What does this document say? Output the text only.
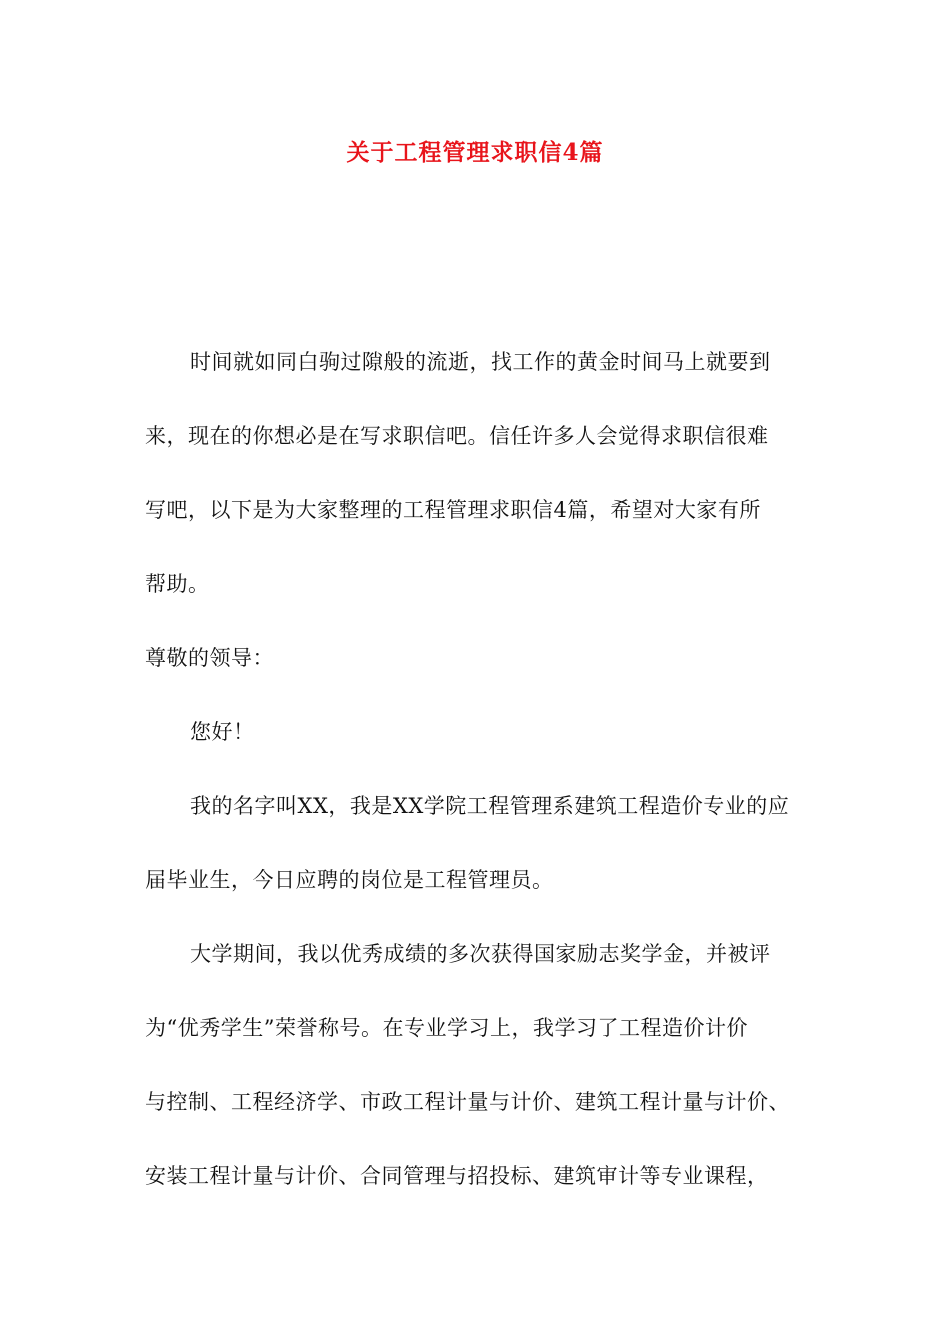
关于工程管理求职信4篇

时间就如同白驹过隙般的流逝，找工作的黄金时间马上就要到
来，现在的你想必是在写求职信吧。信任许多人会觉得求职信很难
写吧，以下是为大家整理的工程管理求职信4篇，希望对大家有所
帮助。

尊敬的领导：

您好！

我的名字叫XX，我是XX学院工程管理系建筑工程造价专业的应
届毕业生，今日应聘的岗位是工程管理员。

大学期间，我以优秀成绩的多次获得国家励志奖学金，并被评
为“优秀学生”荣誉称号。在专业学习上，我学习了工程造价计价
与控制、工程经济学、市政工程计量与计价、建筑工程计量与计价、
安装工程计量与计价、合同管理与招投标、建筑审计等专业课程，
